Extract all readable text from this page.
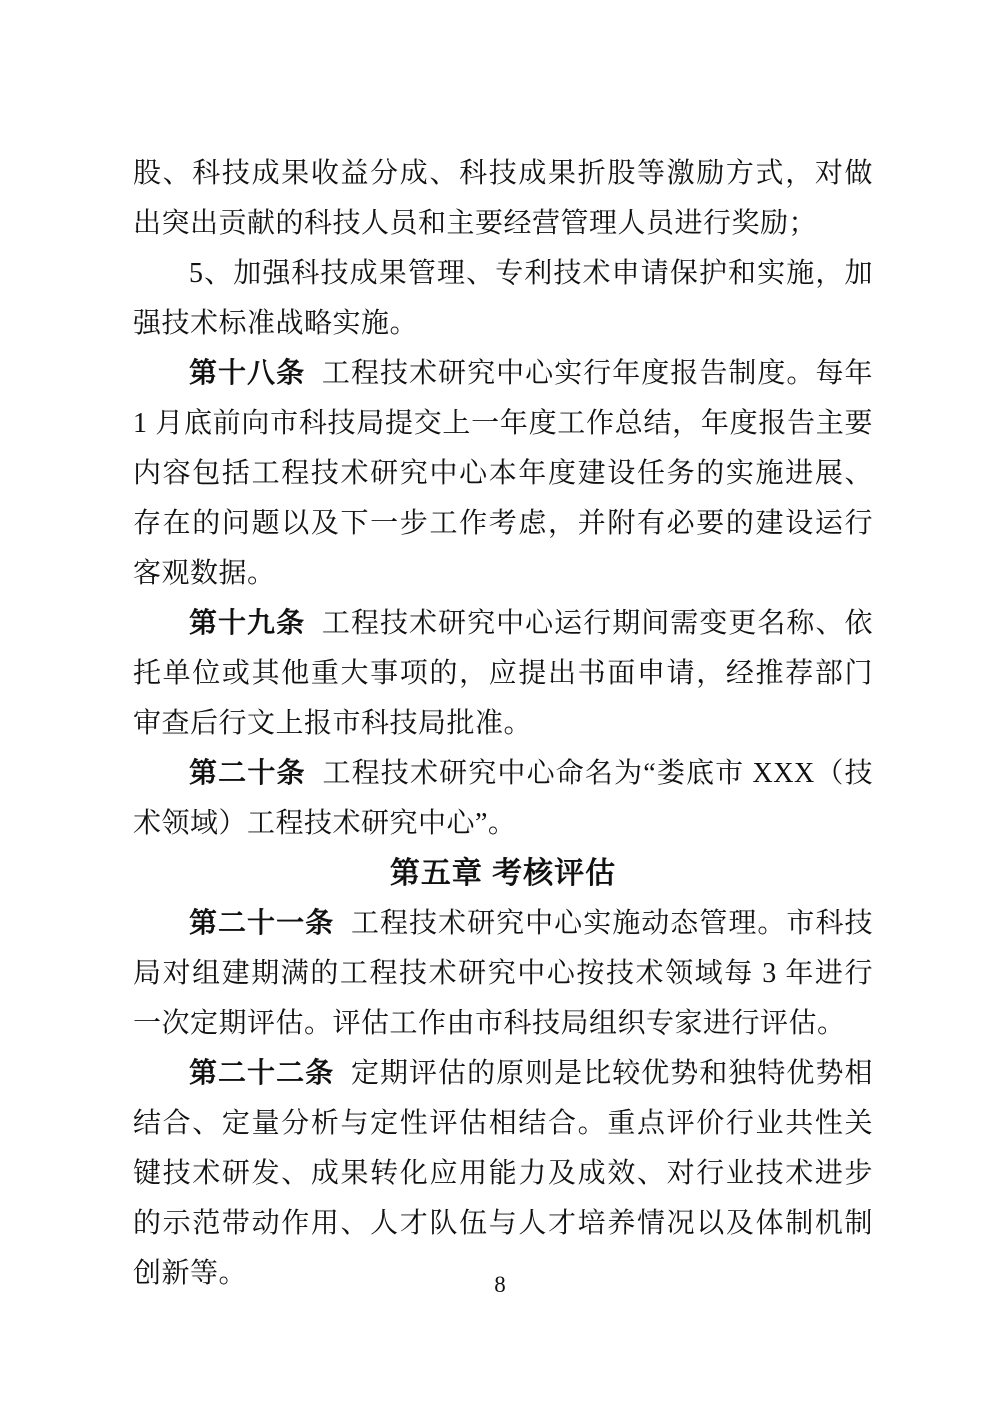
股、科技成果收益分成、科技成果折股等激励方式，对做出突出贡献的科技人员和主要经营管理人员进行奖励；

5、加强科技成果管理、专利技术申请保护和实施，加强技术标准战略实施。

第十八条 工程技术研究中心实行年度报告制度。每年 1 月底前向市科技局提交上一年度工作总结，年度报告主要内容包括工程技术研究中心本年度建设任务的实施进展、存在的问题以及下一步工作考虑，并附有必要的建设运行客观数据。

第十九条 工程技术研究中心运行期间需变更名称、依托单位或其他重大事项的，应提出书面申请，经推荐部门审查后行文上报市科技局批准。

第二十条 工程技术研究中心命名为“娄底市 XXX（技术领域）工程技术研究中心”。

第五章 考核评估

第二十一条 工程技术研究中心实施动态管理。市科技局对组建期满的工程技术研究中心按技术领域每 3 年进行一次定期评估。评估工作由市科技局组织专家进行评估。

第二十二条 定期评估的原则是比较优势和独特优势相结合、定量分析与定性评估相结合。重点评价行业共性关键技术研发、成果转化应用能力及成效、对行业技术进步的示范带动作用、人才队伍与人才培养情况以及体制机制创新等。	8
